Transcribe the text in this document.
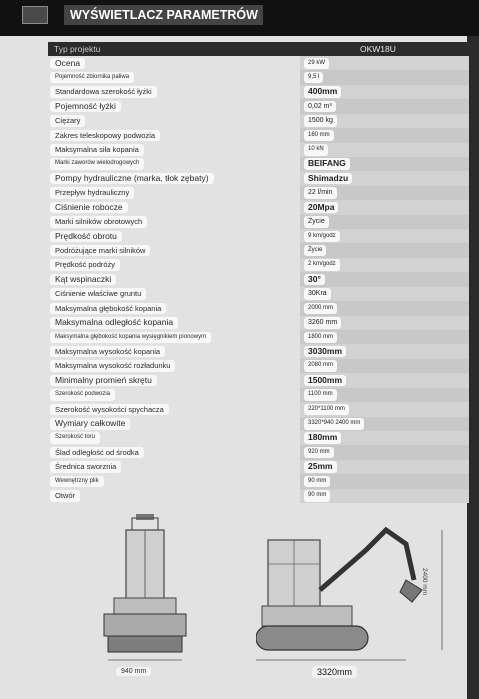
WYŚWIETLACZ PARAMETRÓW
Typ projektu	OKW18U
Ocena	29 kW
Pojemność zbiornika paliwa	9,5 l
Standardowa szerokość łyżki	400mm
Pojemność łyżki	0,02 m³
Ciężary	1500 kg
Zakres teleskopowy podwozia	160 mm
Maksymalna siła kopania	10 kN
Marki zaworów wielodrogowych	BEIFANG
Pompy hydrauliczne (marka, tłok zębaty)	Shimadzu
Przepływ hydrauliczny	22 l/min
Ciśnienie robocze	20Mpa
Marki silników obrotowych	Życie
Prędkość obrotu	9 km/godz
Podróżujące marki silników	Życie
Prędkość podróży	2 km/godz
Kąt wspinaczki	30°
Ciśnienie właściwe gruntu	30Kra
Maksymalna głębokość kopania	2000 mm
Maksymalna odległość kopania	3260 mm
Maksymalna głębokość kopania wysięgnikiem pionowym	1800 mm
Maksymalna wysokość kopania	3030mm
Maksymalna wysokość rozładunku	2080 mm
Minimalny promień skrętu	1500mm
Szerokość podwozia	1100 mm
Szerokość wysokości spychacza	220*1100 mm
Wymiary całkowite	3320*940 2400 mm
Szerokość toru	180mm
Ślad odległość od środka	920 mm
Średnica sworznia	25mm
Wewnętrzny plik	90 mm
Otwór	90 mm
940 mm	3320mm
2400 mm
